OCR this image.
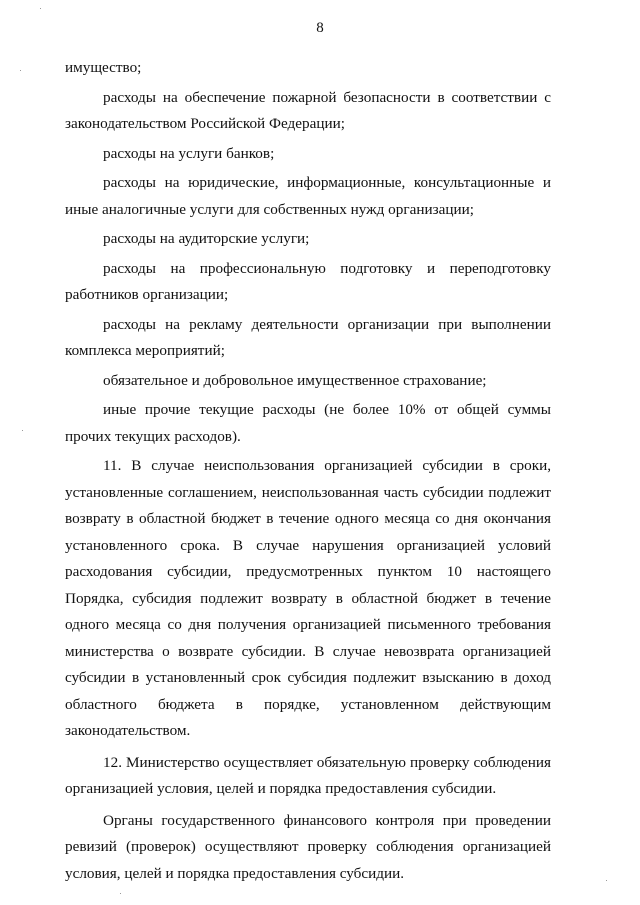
8

имущество;

расходы на обеспечение пожарной безопасности в соответствии с законодательством Российской Федерации;

расходы на услуги банков;

расходы на юридические, информационные, консультационные и иные аналогичные услуги для собственных нужд организации;

расходы на аудиторские услуги;

расходы на профессиональную подготовку и переподготовку работников организации;

расходы на рекламу деятельности организации при выполнении комплекса мероприятий;

обязательное и добровольное имущественное страхование;

иные прочие текущие расходы (не более 10% от общей суммы прочих текущих расходов).

11. В случае неиспользования организацией субсидии в сроки, установленные соглашением, неиспользованная часть субсидии подлежит возврату в областной бюджет в течение одного месяца со дня окончания установленного срока. В случае нарушения организацией условий расходования субсидии, предусмотренных пунктом 10 настоящего Порядка, субсидия подлежит возврату в областной бюджет в течение одного месяца со дня получения организацией письменного требования министерства о возврате субсидии. В случае невозврата организацией субсидии в установленный срок субсидия подлежит взысканию в доход областного бюджета в порядке, установленном действующим законодательством.

12. Министерство осуществляет обязательную проверку соблюдения организацией условия, целей и порядка предоставления субсидии.

Органы государственного финансового контроля при проведении ревизий (проверок) осуществляют проверку соблюдения организацией условия, целей и порядка предоставления субсидии.
